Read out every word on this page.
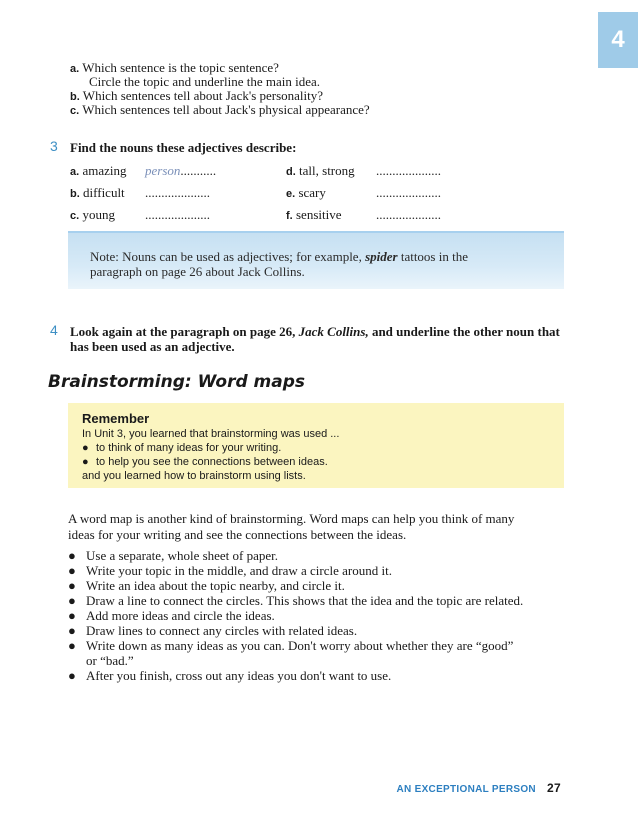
4
a. Which sentence is the topic sentence?
Circle the topic and underline the main idea.
b. Which sentences tell about Jack's personality?
c. Which sentences tell about Jack's physical appearance?
3 Find the nouns these adjectives describe:
a. amazing person...........
b. difficult ....................
c. young ....................
d. tall, strong ....................
e. scary	....................
f. sensitive	....................
Note: Nouns can be used as adjectives; for example, spider tattoos in the
paragraph on page 26 about Jack Collins.
4 Look again at the paragraph on page 26, Jack Collins, and underline the other noun that
has been used as an adjective.
Brainstorming: Word maps
Remember
In Unit 3, you learned that brainstorming was used ...
● to think of many ideas for your writing.
● to help you see the connections between ideas.
and you learned how to brainstorm using lists.
A word map is another kind of brainstorming. Word maps can help you think of many
ideas for your writing and see the connections between the ideas.
● Use a separate, whole sheet of paper.
● Write your topic in the middle, and draw a circle around it.
● Write an idea about the topic nearby, and circle it.
● Draw a line to connect the circles. This shows that the idea and the topic are related.
● Add more ideas and circle the ideas.
● Draw lines to connect any circles with related ideas.
● Write down as many ideas as you can. Don't worry about whether they are “good”
or “bad.”
● After you finish, cross out any ideas you don't want to use.
AN EXCEPTIONAL PERSON 27
